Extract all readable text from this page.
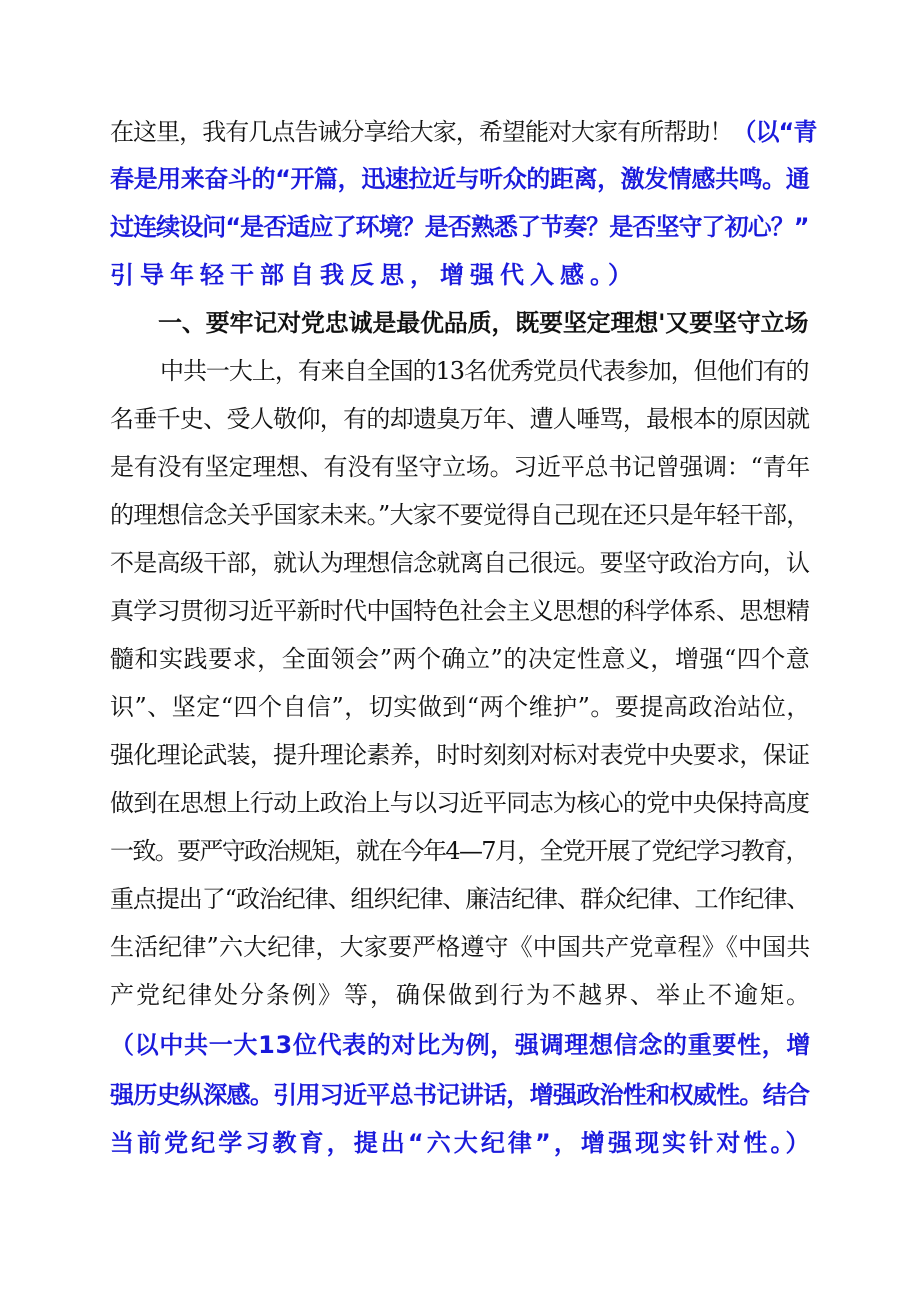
在这里，我有几点告诫分享给大家，希望能对大家有所帮助！（以“青
春是用来奋斗的“开篇，迅速拉近与听众的距离，激发情感共鸣。通
过连续设问“是否适应了环境？是否熟悉了节奏？是否坚守了初心？”
引导年轻干部自我反思，增强代入感。）
一、要牢记对党忠诚是最优品质，既要坚定理想'又要坚守立场
中共一大上，有来自全国的13名优秀党员代表参加，但他们有的
名垂千史、受人敬仰，有的却遗臭万年、遭人唾骂，最根本的原因就
是有没有坚定理想、有没有坚守立场。习近平总书记曾强调：“青年
的理想信念关乎国家未来。”大家不要觉得自己现在还只是年轻干部，
不是高级干部，就认为理想信念就离自己很远。要坚守政治方向，认
真学习贯彻习近平新时代中国特色社会主义思想的科学体系、思想精
髓和实践要求，全面领会”两个确立”的决定性意义，增强“四个意
识”、坚定“四个自信”，切实做到“两个维护”。要提高政治站位，
强化理论武装，提升理论素养，时时刻刻对标对表党中央要求，保证
做到在思想上行动上政治上与以习近平同志为核心的党中央保持高度
一致。要严守政治规矩，就在今年4—7月，全党开展了党纪学习教育，
重点提出了“政治纪律、组织纪律、廉洁纪律、群众纪律、工作纪律、
生活纪律”六大纪律，大家要严格遵守《中国共产党章程》《中国共
产党纪律处分条例》等，确保做到行为不越界、举止不逾矩。
（以中共一大13位代表的对比为例，强调理想信念的重要性，增
强历史纵深感。引用习近平总书记讲话，增强政治性和权威性。结合
当前党纪学习教育，提出“六大纪律”，增强现实针对性。）
